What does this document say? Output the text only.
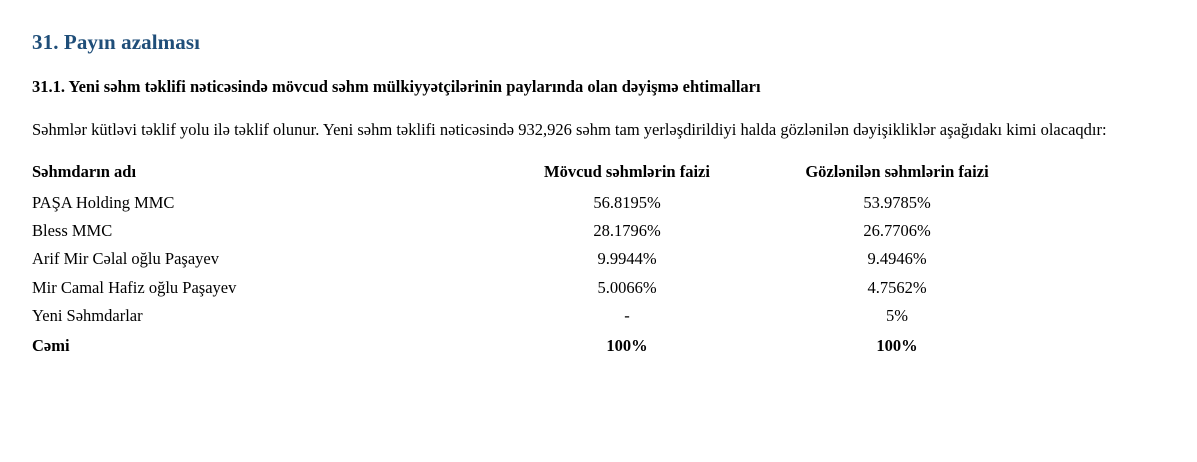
31. Payın azalması
31.1. Yeni səhm təklifi nəticəsində mövcud səhm mülkiyyətçilərinin paylarında olan dəyişmə ehtimalları

Səhmlər kütləvi təklif yolu ilə təklif olunur. Yeni səhm təklifi nəticəsində 932,926 səhm tam yerləşdirildiyi halda gözlənilən dəyişikliklər aşağıdakı kimi olacaqdır:

Səhmdarın adı	Mövcud səhmlərin faizi	Gözlənilən səhmlərin faizi
PAŞA Holding MMC	56.8195%	53.9785%
Bless MMC	28.1796%	26.7706%
Arif Mir Cəlal oğlu Paşayev	9.9944%	9.4946%
Mir Camal Hafiz oğlu Paşayev	5.0066%	4.7562%
Yeni Səhmdarlar	-	5%
Cəmi	100%	100%
